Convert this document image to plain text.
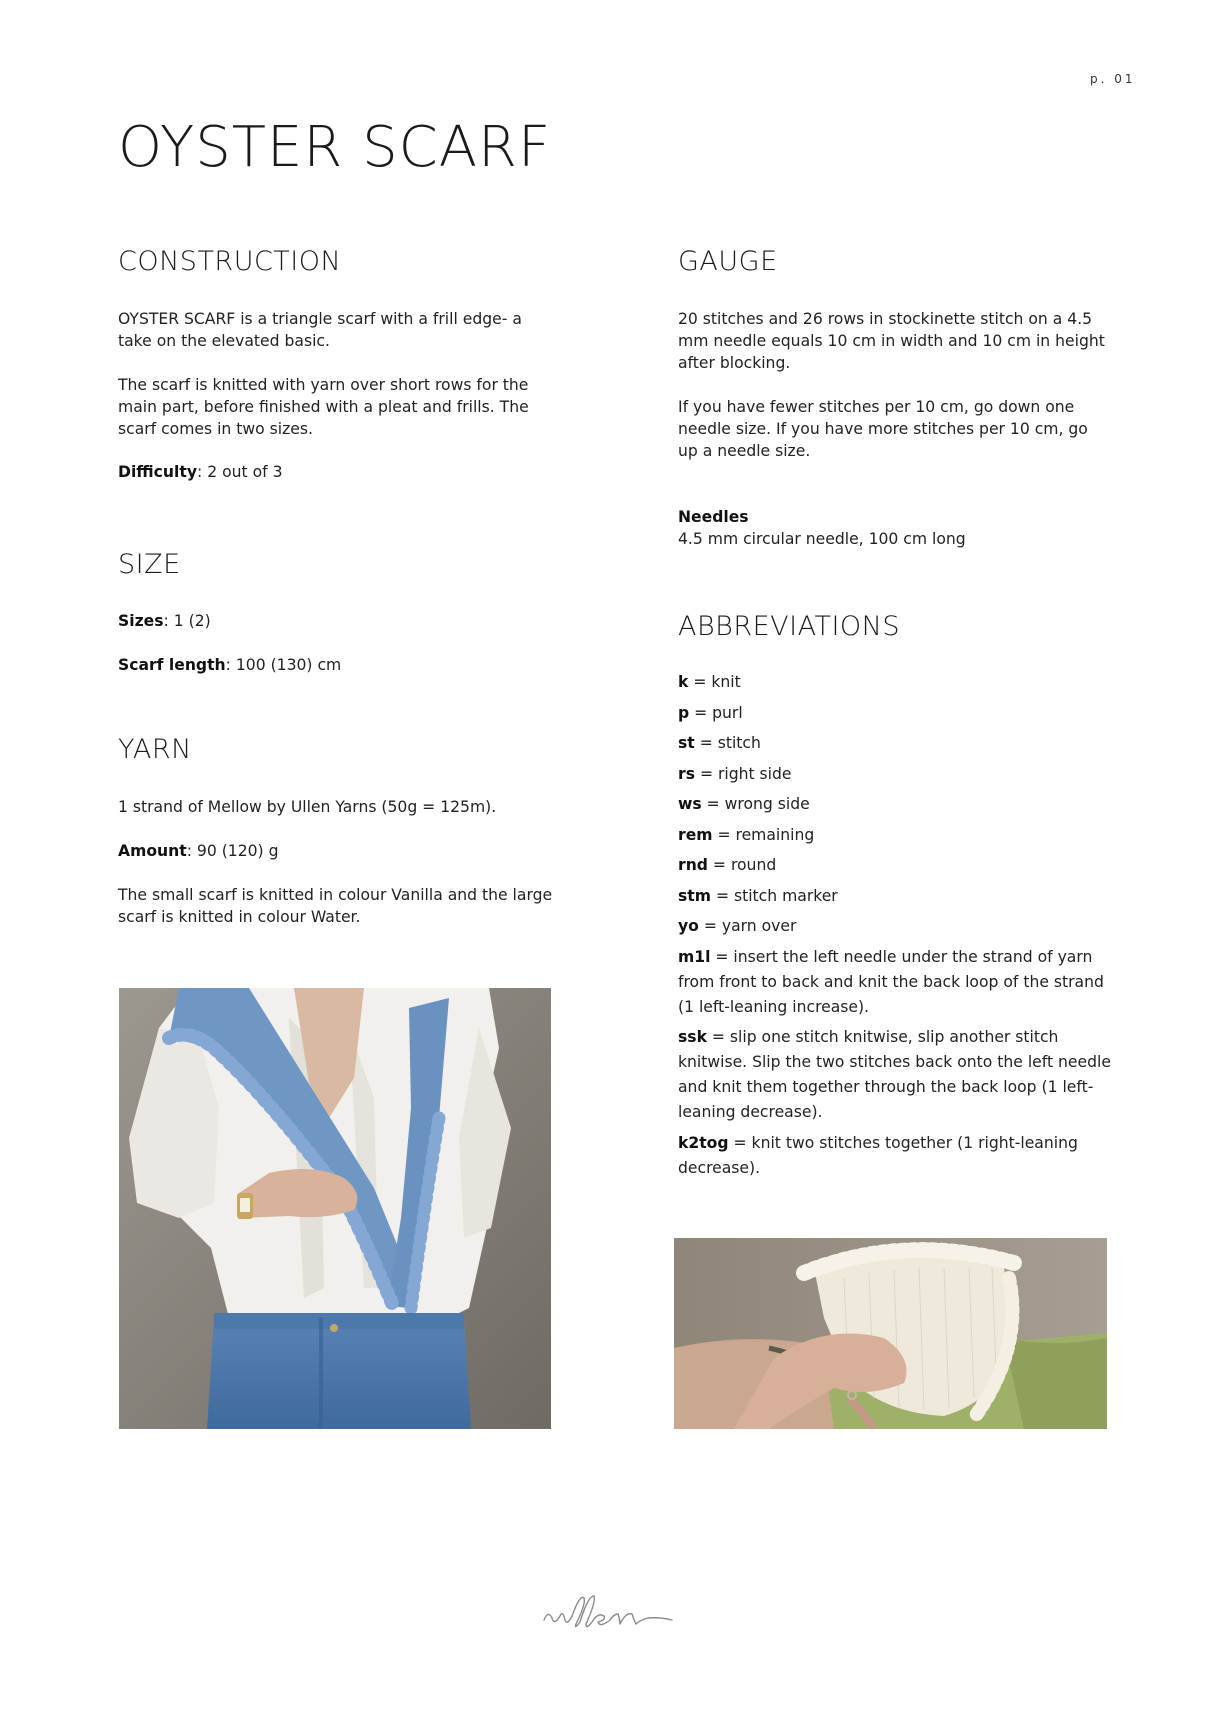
p. 01
OYSTER SCARF
CONSTRUCTION

OYSTER SCARF is a triangle scarf with a frill edge- a take on the elevated basic.

The scarf is knitted with yarn over short rows for the main part, before finished with a pleat and frills. The scarf comes in two sizes.

Difficulty: 2 out of 3

SIZE

Sizes: 1 (2)

Scarf length: 100 (130) cm

YARN

1 strand of Mellow by Ullen Yarns (50g = 125m).

Amount: 90 (120) g

The small scarf is knitted in colour Vanilla and the large scarf is knitted in colour Water.

GAUGE

20 stitches and 26 rows in stockinette stitch on a 4.5 mm needle equals 10 cm in width and 10 cm in height after blocking.

If you have fewer stitches per 10 cm, go down one needle size. If you have more stitches per 10 cm, go up a needle size.

Needles

4.5 mm circular needle, 100 cm long

ABBREVIATIONS
k = knit
p = purl
st = stitch
rs = right side
ws = wrong side
rem = remaining
rnd = round
stm = stitch marker
yo = yarn over
m1l = insert the left needle under the strand of yarn from front to back and knit the back loop of the strand (1 left-leaning increase).
ssk = slip one stitch knitwise, slip another stitch knitwise. Slip the two stitches back onto the left needle and knit them together through the back loop (1 left-leaning decrease).
k2tog = knit two stitches together (1 right-leaning decrease).
